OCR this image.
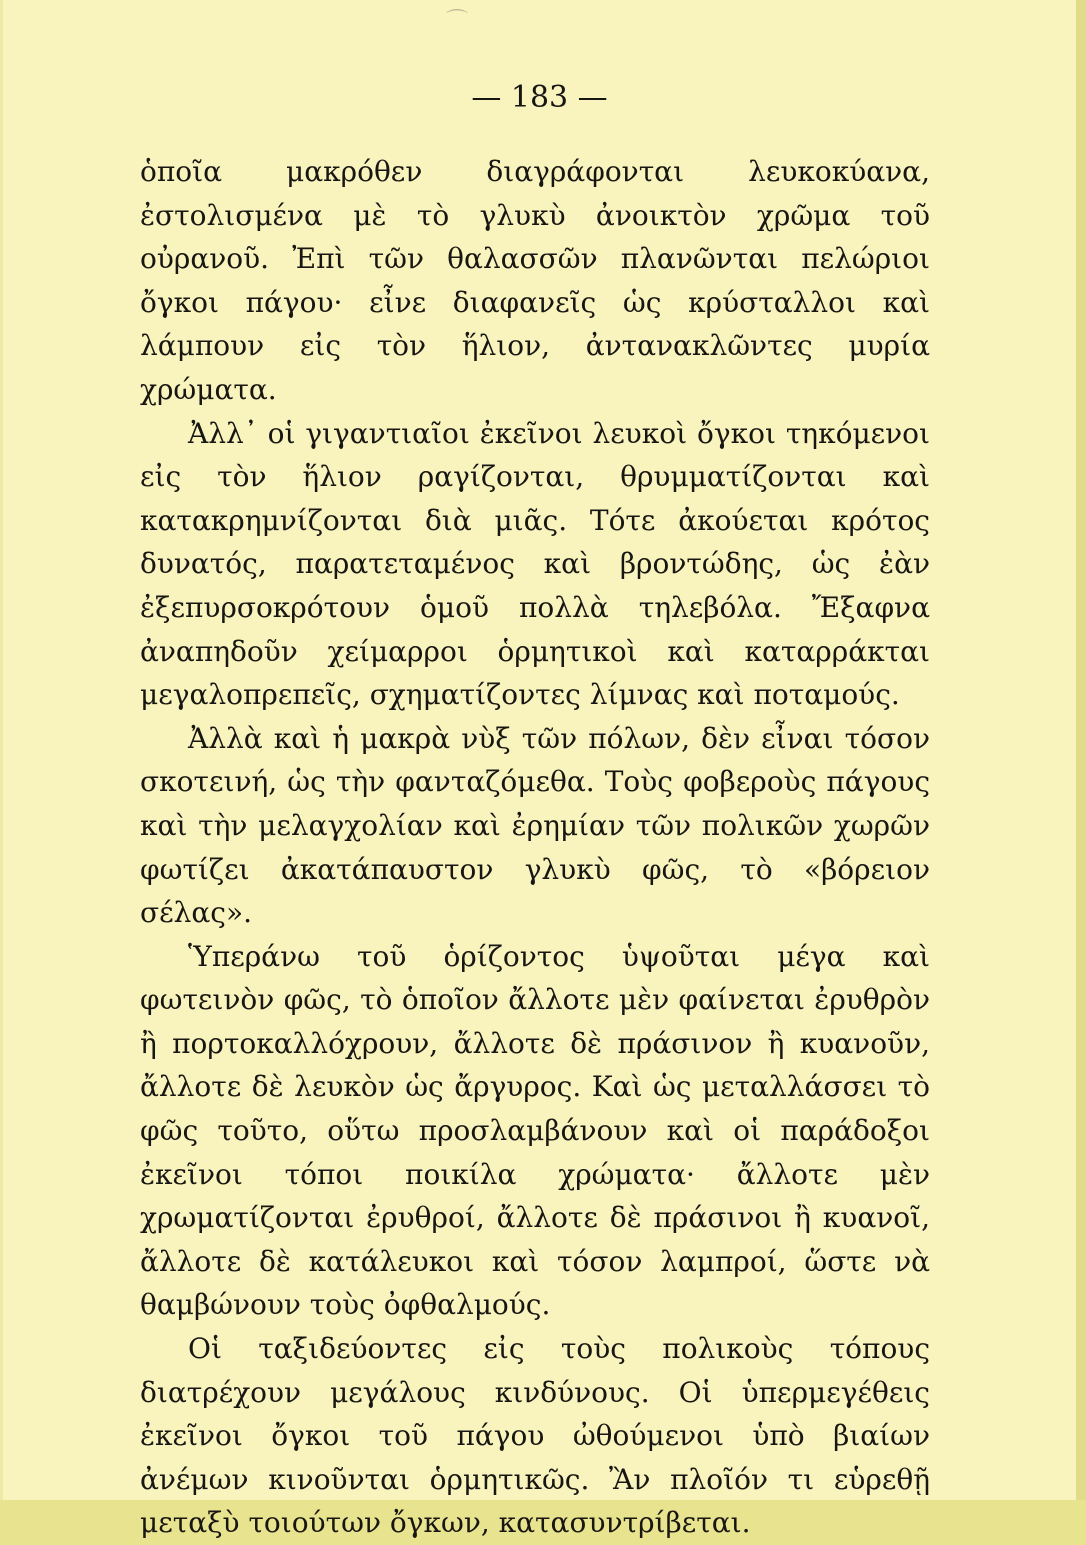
⌒
— 183 —

ὁποῖα μακρόθεν διαγράφονται λευκοκύανα, ἐστολισμένα μὲ τὸ γλυκὺ ἀνοικτὸν χρῶμα τοῦ οὐρανοῦ. Ἐπὶ τῶν θαλασσῶν πλανῶνται πελώριοι ὄγκοι πάγου· εἶνε διαφανεῖς ὡς κρύσταλλοι καὶ λάμπουν εἰς τὸν ἥλιον, ἀντανακλῶντες μυρία χρώματα.

Ἀλλ᾽ οἱ γιγαντιαῖοι ἐκεῖνοι λευκοὶ ὄγκοι τηκόμενοι εἰς τὸν ἥλιον ραγίζονται, θρυμματίζονται καὶ κατακρημνίζονται διὰ μιᾶς. Τότε ἀκούεται κρότος δυνατός, παρατεταμένος καὶ βροντώδης, ὡς ἐὰν ἐξεπυρσοκρότουν ὁμοῦ πολλὰ τηλεβόλα. Ἔξαφνα ἀναπηδοῦν χείμαρροι ὁρμητικοὶ καὶ καταρράκται μεγαλοπρεπεῖς, σχηματίζοντες λίμνας καὶ ποταμούς.

Ἀλλὰ καὶ ἡ μακρὰ νὺξ τῶν πόλων, δὲν εἶναι τόσον σκοτεινή, ὡς τὴν φανταζόμεθα. Τοὺς φοβεροὺς πάγους καὶ τὴν μελαγχολίαν καὶ ἐρημίαν τῶν πολικῶν χωρῶν φωτίζει ἀκατάπαυστον γλυκὺ φῶς, τὸ «βόρειον σέλας».

Ὑπεράνω τοῦ ὁρίζοντος ὑψοῦται μέγα καὶ φωτεινὸν φῶς, τὸ ὁποῖον ἄλλοτε μὲν φαίνεται ἐρυθρὸν ἢ πορτοκαλλόχρουν, ἄλλοτε δὲ πράσινον ἢ κυανοῦν, ἄλλοτε δὲ λευκὸν ὡς ἄργυρος. Καὶ ὡς μεταλλάσσει τὸ φῶς τοῦτο, οὕτω προσλαμβάνουν καὶ οἱ παράδοξοι ἐκεῖνοι τόποι ποικίλα χρώματα· ἄλλοτε μὲν χρωματίζονται ἐρυθροί, ἄλλοτε δὲ πράσινοι ἢ κυανοῖ, ἄλλοτε δὲ κατάλευκοι καὶ τόσον λαμπροί, ὥστε νὰ θαμβώνουν τοὺς ὀφθαλμούς.

Οἱ ταξιδεύοντες εἰς τοὺς πολικοὺς τόπους διατρέχουν μεγάλους κινδύνους. Οἱ ὑπερμεγέθεις ἐκεῖνοι ὄγκοι τοῦ πάγου ὠθούμενοι ὑπὸ βιαίων ἀνέμων κινοῦνται ὁρμητικῶς. Ἂν πλοῖόν τι εὑρεθῇ μεταξὺ τοιούτων ὄγκων, κατασυντρίβεται.
